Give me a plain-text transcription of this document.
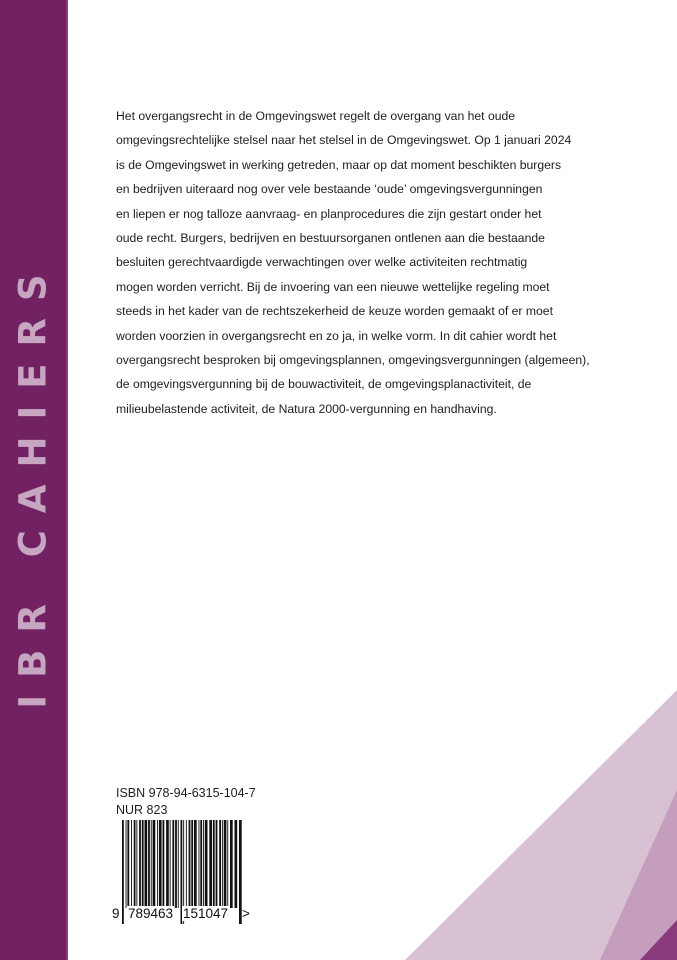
IBR CAHIERS
Het overgangsrecht in de Omgevingswet regelt de overgang van het oude
omgevingsrechtelijke stelsel naar het stelsel in de Omgevingswet. Op 1 januari 2024
is de Omgevingswet in werking getreden, maar op dat moment beschikten burgers
en bedrijven uiteraard nog over vele bestaande ‘oude’ omgevingsvergunningen
en liepen er nog talloze aanvraag- en planprocedures die zijn gestart onder het
oude recht. Burgers, bedrijven en bestuursorganen ontlenen aan die bestaande
besluiten gerechtvaardigde verwachtingen over welke activiteiten rechtmatig
mogen worden verricht. Bij de invoering van een nieuwe wettelijke regeling moet
steeds in het kader van de rechtszekerheid de keuze worden gemaakt of er moet
worden voorzien in overgangsrecht en zo ja, in welke vorm. In dit cahier wordt het
overgangsrecht besproken bij omgevingsplannen, omgevingsvergunningen (algemeen),
de omgevingsvergunning bij de bouwactiviteit, de omgevingsplanactiviteit, de
milieubelastende activiteit, de Natura 2000-vergunning en handhaving.
ISBN 978-94-6315-104-7
NUR 823
9 789463 151047 >
